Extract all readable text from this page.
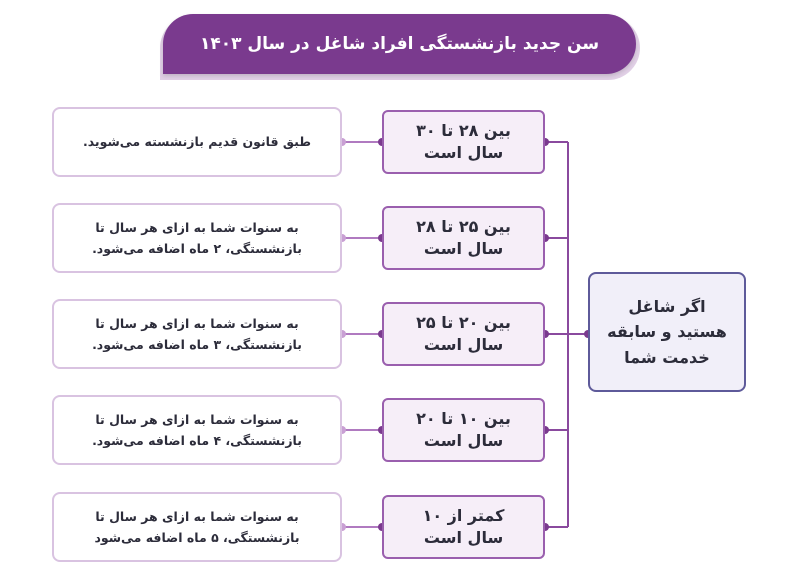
سن جدید بازنشستگی افراد شاغل در سال ۱۴۰۳
طبق قانون قدیم بازنشسته می‌شوید.
بین ۲۸ تا ۳۰
سال است
به سنوات شما به ازای هر سال تا بازنشستگی، ۲ ماه اضافه می‌شود.
بین ۲۵ تا ۲۸
سال است
به سنوات شما به ازای هر سال تا بازنشستگی، ۳ ماه اضافه می‌شود.
بین ۲۰ تا ۲۵
سال است
به سنوات شما به ازای هر سال تا بازنشستگی، ۴ ماه اضافه می‌شود.
بین ۱۰ تا ۲۰
سال است
به سنوات شما به ازای هر سال تا بازنشستگی، ۵ ماه اضافه می‌شود
کمتر از ۱۰
سال است
اگر شاغل
هستید و سابقه
خدمت شما
